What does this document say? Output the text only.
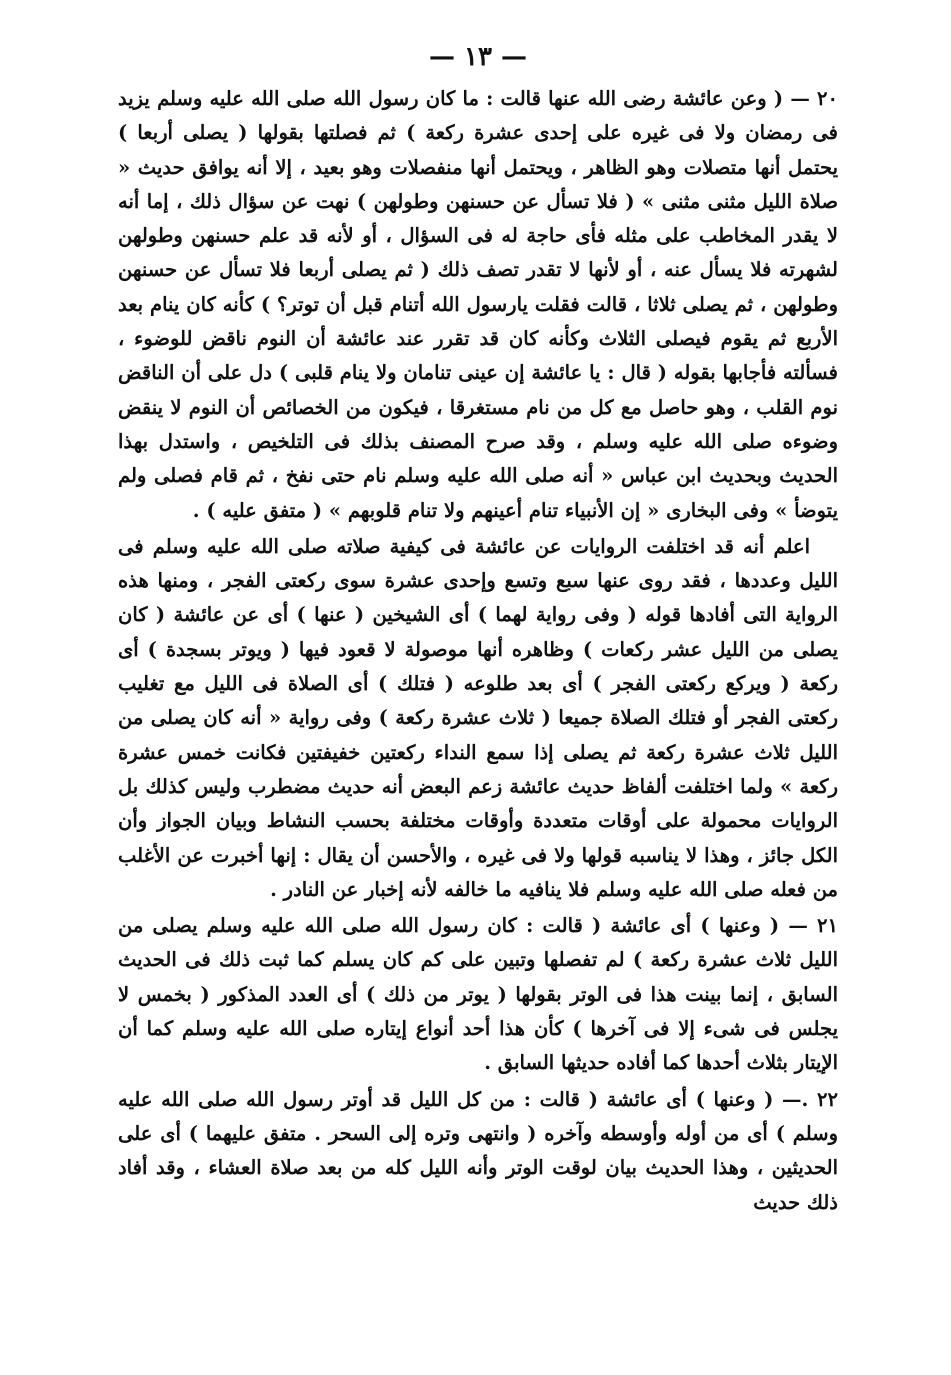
— ١٣ —

٢٠ — ( وعن عائشة رضى الله عنها قالت : ما كان رسول الله صلى الله عليه وسلم يزيد فى رمضان ولا فى غيره على إحدى عشرة ركعة ) ثم فصلتها بقولها ( يصلى أربعا ) يحتمل أنها متصلات وهو الظاهر ، ويحتمل أنها منفصلات وهو بعيد ، إلا أنه يوافق حديث « صلاة الليل مثنى مثنى » ( فلا تسأل عن حسنهن وطولهن ) نهت عن سؤال ذلك ، إما أنه لا يقدر المخاطب على مثله فأى حاجة له فى السؤال ، أو لأنه قد علم حسنهن وطولهن لشهرته فلا يسأل عنه ، أو لأنها لا تقدر تصف ذلك ( ثم يصلى أربعا فلا تسأل عن حسنهن وطولهن ، ثم يصلى ثلاثا ، قالت فقلت يارسول الله أتنام قبل أن توتر؟ ) كأنه كان ينام بعد الأربع ثم يقوم فيصلى الثلاث وكأنه كان قد تقرر عند عائشة أن النوم ناقض للوضوء ، فسألته فأجابها بقوله ( قال : يا عائشة إن عينى تنامان ولا ينام قلبى ) دل على أن الناقض نوم القلب ، وهو حاصل مع كل من نام مستغرقا ، فيكون من الخصائص أن النوم لا ينقض وضوءه صلى الله عليه وسلم ، وقد صرح المصنف بذلك فى التلخيص ، واستدل بهذا الحديث وبحديث ابن عباس « أنه صلى الله عليه وسلم نام حتى نفخ ، ثم قام فصلى ولم يتوضأ » وفى البخارى « إن الأنبياء تنام أعينهم ولا تنام قلوبهم » ( متفق عليه ) .

اعلم أنه قد اختلفت الروايات عن عائشة فى كيفية صلاته صلى الله عليه وسلم فى الليل وعددها ، فقد روى عنها سبع وتسع وإحدى عشرة سوى ركعتى الفجر ، ومنها هذه الرواية التى أفادها قوله ( وفى رواية لهما ) أى الشيخين ( عنها ) أى عن عائشة ( كان يصلى من الليل عشر ركعات ) وظاهره أنها موصولة لا قعود فيها ( ويوتر بسجدة ) أى ركعة ( ويركع ركعتى الفجر ) أى بعد طلوعه ( فتلك ) أى الصلاة فى الليل مع تغليب ركعتى الفجر أو فتلك الصلاة جميعا ( ثلاث عشرة ركعة ) وفى رواية « أنه كان يصلى من الليل ثلاث عشرة ركعة ثم يصلى إذا سمع النداء ركعتين خفيفتين فكانت خمس عشرة ركعة » ولما اختلفت ألفاظ حديث عائشة زعم البعض أنه حديث مضطرب وليس كذلك بل الروايات محمولة على أوقات متعددة وأوقات مختلفة بحسب النشاط وبيان الجواز وأن الكل جائز ، وهذا لا يناسبه قولها ولا فى غيره ، والأحسن أن يقال : إنها أخبرت عن الأغلب من فعله صلى الله عليه وسلم فلا ينافيه ما خالفه لأنه إخبار عن النادر .

٢١ — ( وعنها ) أى عائشة ( قالت : كان رسول الله صلى الله عليه وسلم يصلى من الليل ثلاث عشرة ركعة ) لم تفصلها وتبين على كم كان يسلم كما ثبت ذلك فى الحديث السابق ، إنما بينت هذا فى الوتر بقولها ( يوتر من ذلك ) أى العدد المذكور ( بخمس لا يجلس فى شىء إلا فى آخرها ) كأن هذا أحد أنواع إيتاره صلى الله عليه وسلم كما أن الإيتار بثلاث أحدها كما أفاده حديثها السابق .

٢٢ .— ( وعنها ) أى عائشة ( قالت : من كل الليل قد أوتر رسول الله صلى الله عليه وسلم ) أى من أوله وأوسطه وآخره ( وانتهى وتره إلى السحر . متفق عليهما ) أى على الحديثين ، وهذا الحديث بيان لوقت الوتر وأنه الليل كله من بعد صلاة العشاء ، وقد أفاد ذلك حديث
